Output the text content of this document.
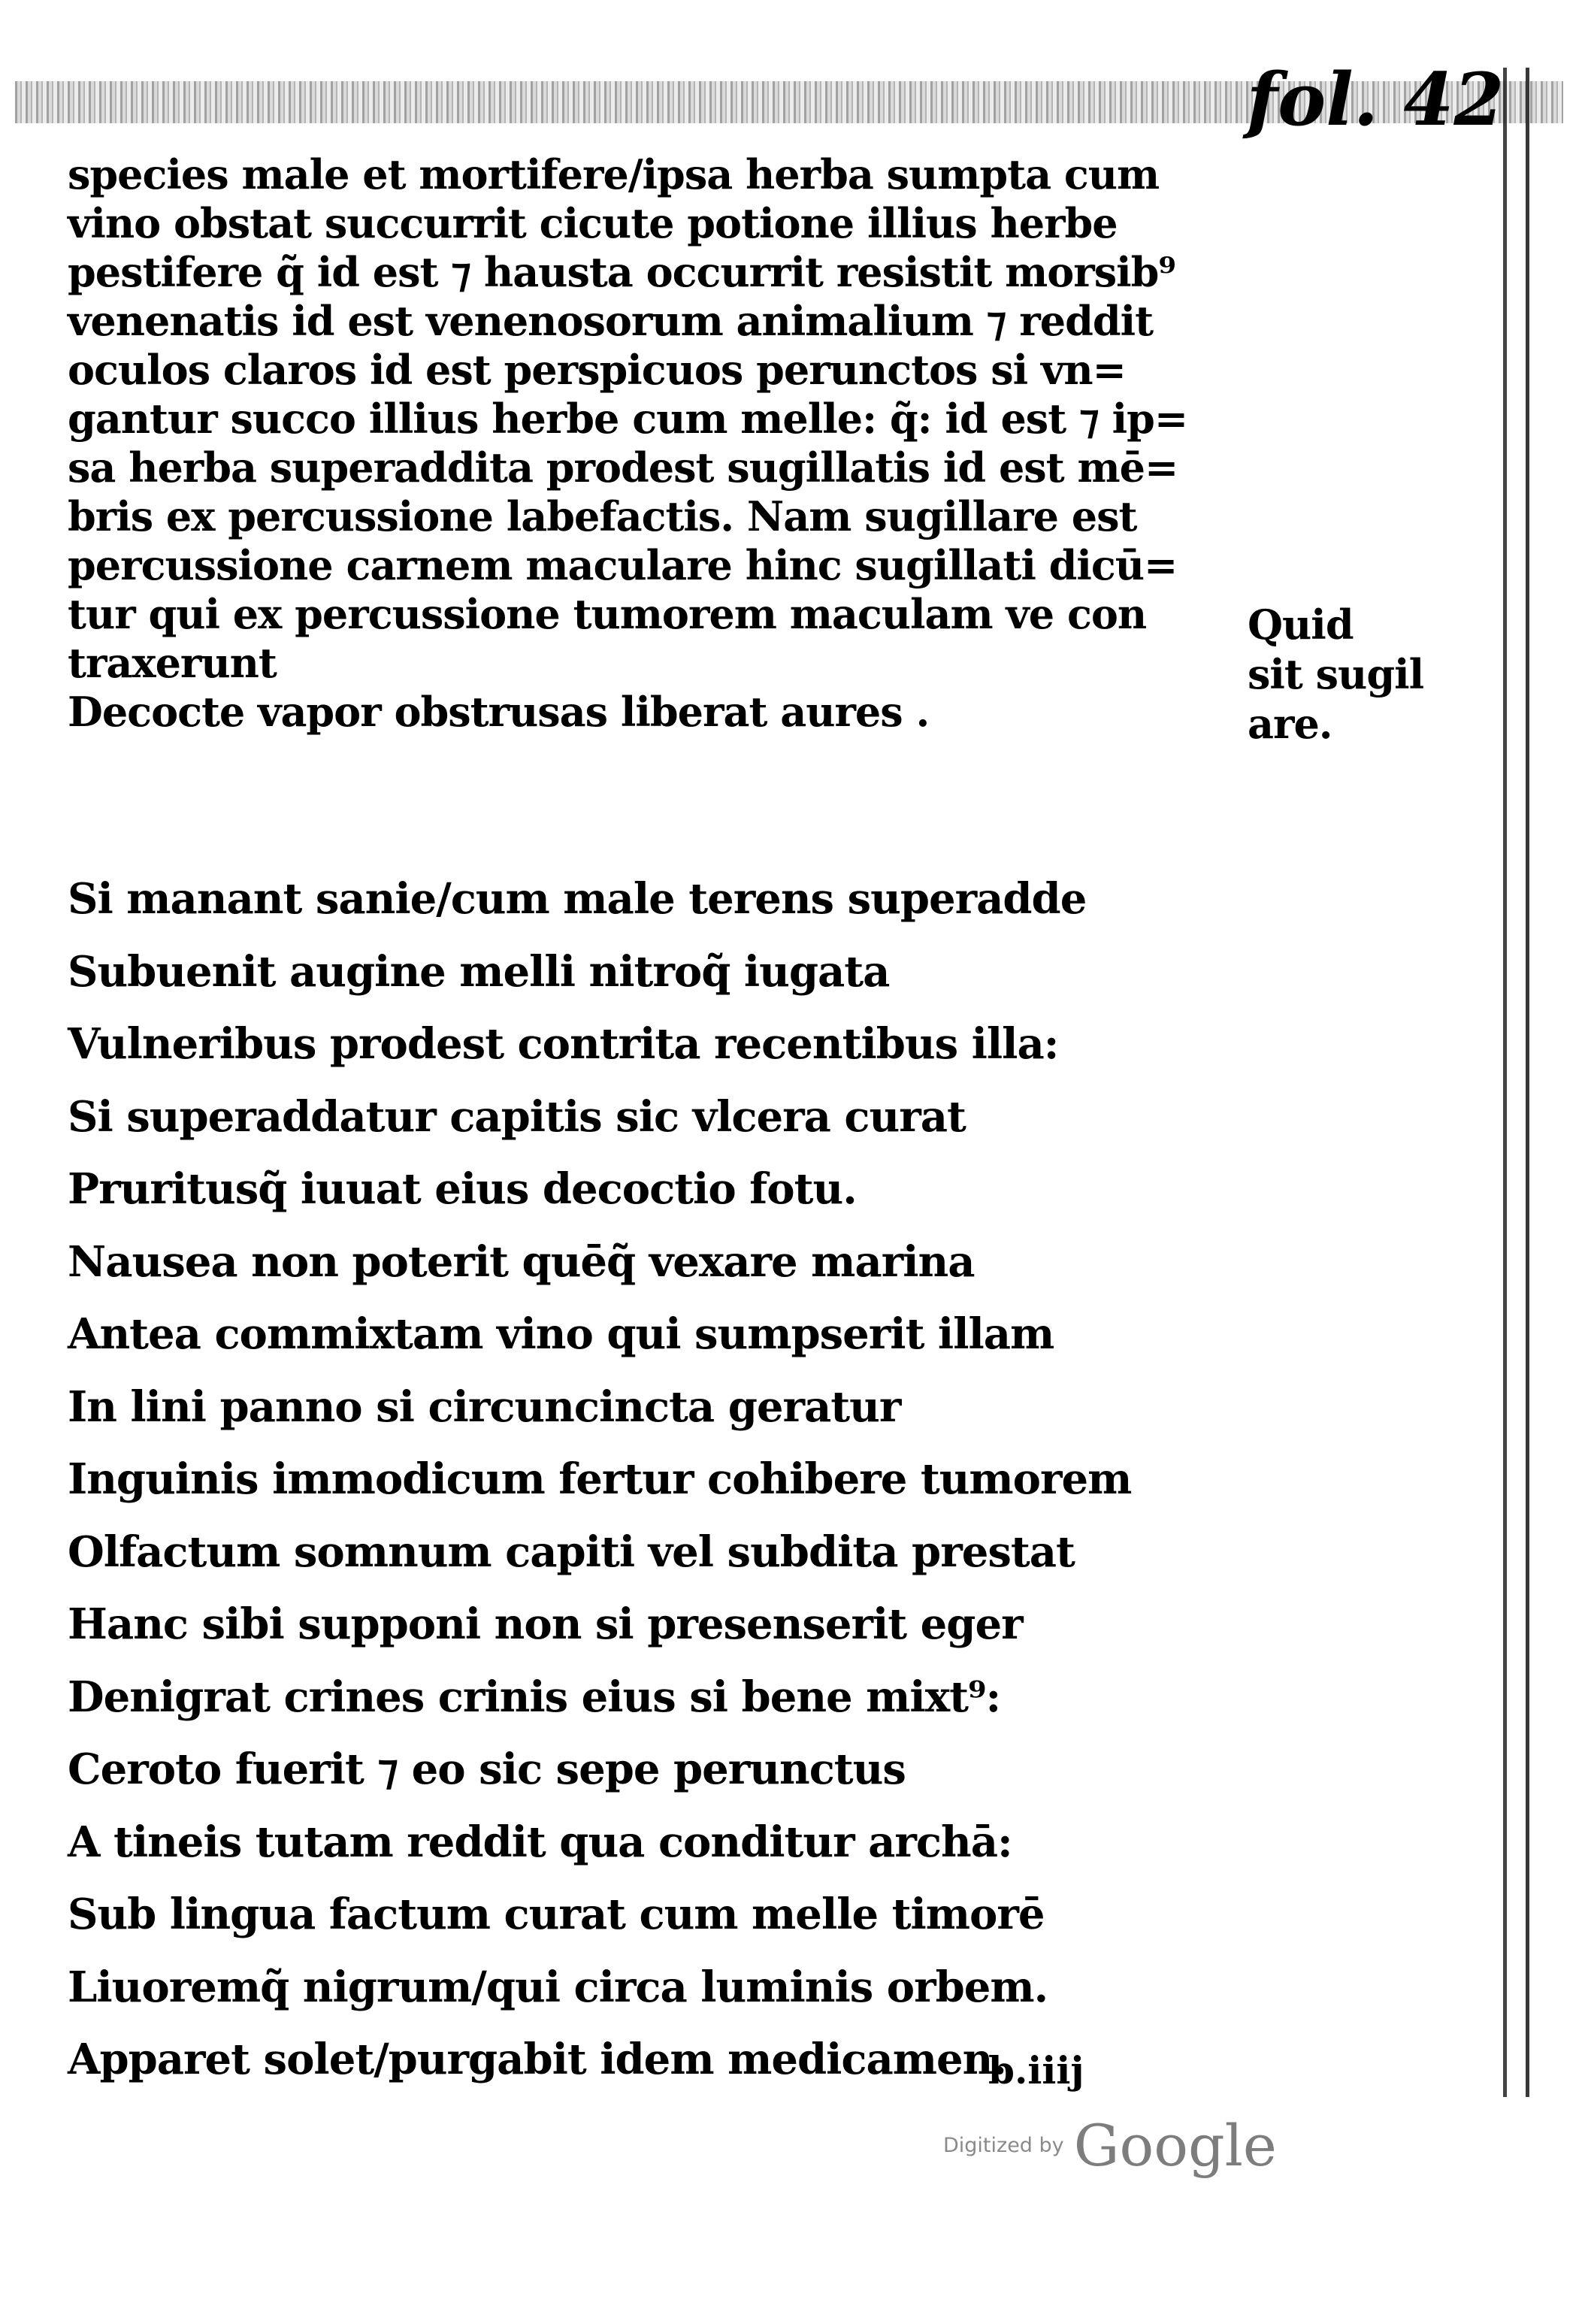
fol. 42
species male et mortifere/ipsa herba sumpta cum
vino obstat succurrit cicute potione illius herbe
pestifere q̃ id est ⁊ hausta occurrit resistit morsib⁹
venenatis id est venenosorum animalium ⁊ reddit
oculos claros id est perspicuos perunctos si vn=
gantur succo illius herbe cum melle: q̃: id est ⁊ ip=
sa herba superaddita prodest sugillatis id est mē=
bris ex percussione labefactis. Nam sugillare est
percussione carnem maculare hinc sugillati dicū=
tur qui ex percussione tumorem maculam ve con
traxerunt
Decocte vapor obstrusas liberat aures .
Quid
sit sugil
are.
Si manant sanie/cum male terens superadde
Subuenit augine melli nitroq̃ iugata
Vulneribus prodest contrita recentibus illa:
Si superaddatur capitis sic vlcera curat
Pruritusq̃ iuuat eius decoctio fotu.
Nausea non poterit quēq̃ vexare marina
Antea commixtam vino qui sumpserit illam
In lini panno si circuncincta geratur
Inguinis immodicum fertur cohibere tumorem
Olfactum somnum capiti vel subdita prestat
Hanc sibi supponi non si presenserit eger
Denigrat crines crinis eius si bene mixt⁹:
Ceroto fuerit ⁊ eo sic sepe perunctus
A tineis tutam reddit qua conditur archā:
Sub lingua factum curat cum melle timorē
Liuoremq̃ nigrum/qui circa luminis orbem.
Apparet solet/purgabit idem medicamen.
b.iiij
Digitized by Google
